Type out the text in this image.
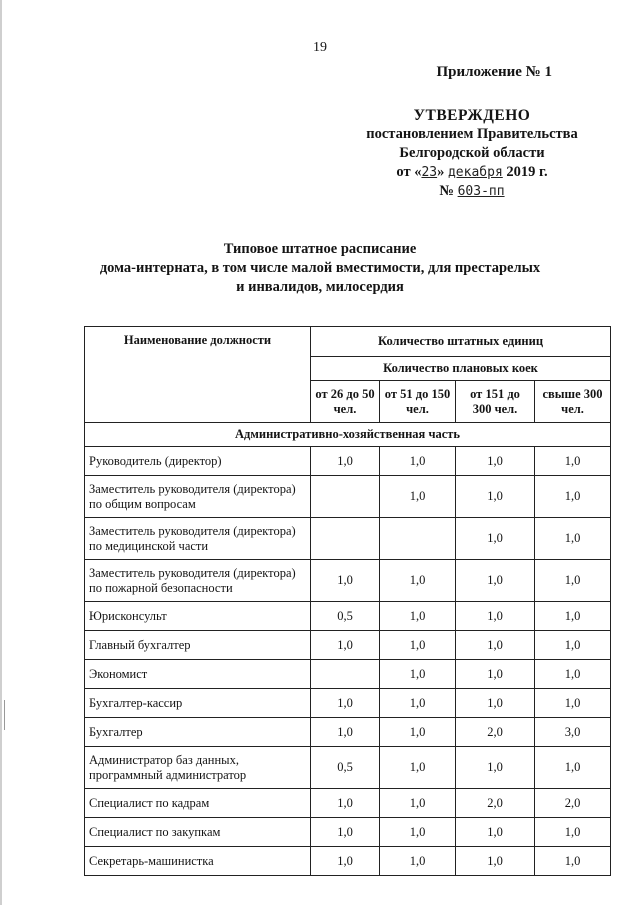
19
Приложение № 1
УТВЕРЖДЕНО
постановлением Правительства
Белгородской области
от «23» декабря 2019 г.
№ 603-пп
Типовое штатное расписание
дома-интерната, в том числе малой вместимости, для престарелых
и инвалидов, милосердия
Наименование должности	Количество штатных единиц			
	Количество плановых коек			
	от 26 до 50 чел.	от 51 до 150 чел.	от 151 до 300 чел.	свыше 300 чел.
Административно-хозяйственная часть				
Руководитель (директор)	1,0	1,0	1,0	1,0
Заместитель руководителя (директора) по общим вопросам		1,0	1,0	1,0
Заместитель руководителя (директора) по медицинской части			1,0	1,0
Заместитель руководителя (директора) по пожарной безопасности	1,0	1,0	1,0	1,0
Юрисконсульт	0,5	1,0	1,0	1,0
Главный бухгалтер	1,0	1,0	1,0	1,0
Экономист		1,0	1,0	1,0
Бухгалтер-кассир	1,0	1,0	1,0	1,0
Бухгалтер	1,0	1,0	2,0	3,0
Администратор баз данных, программный администратор	0,5	1,0	1,0	1,0
Специалист по кадрам	1,0	1,0	2,0	2,0
Специалист по закупкам	1,0	1,0	1,0	1,0
Секретарь-машинистка	1,0	1,0	1,0	1,0
